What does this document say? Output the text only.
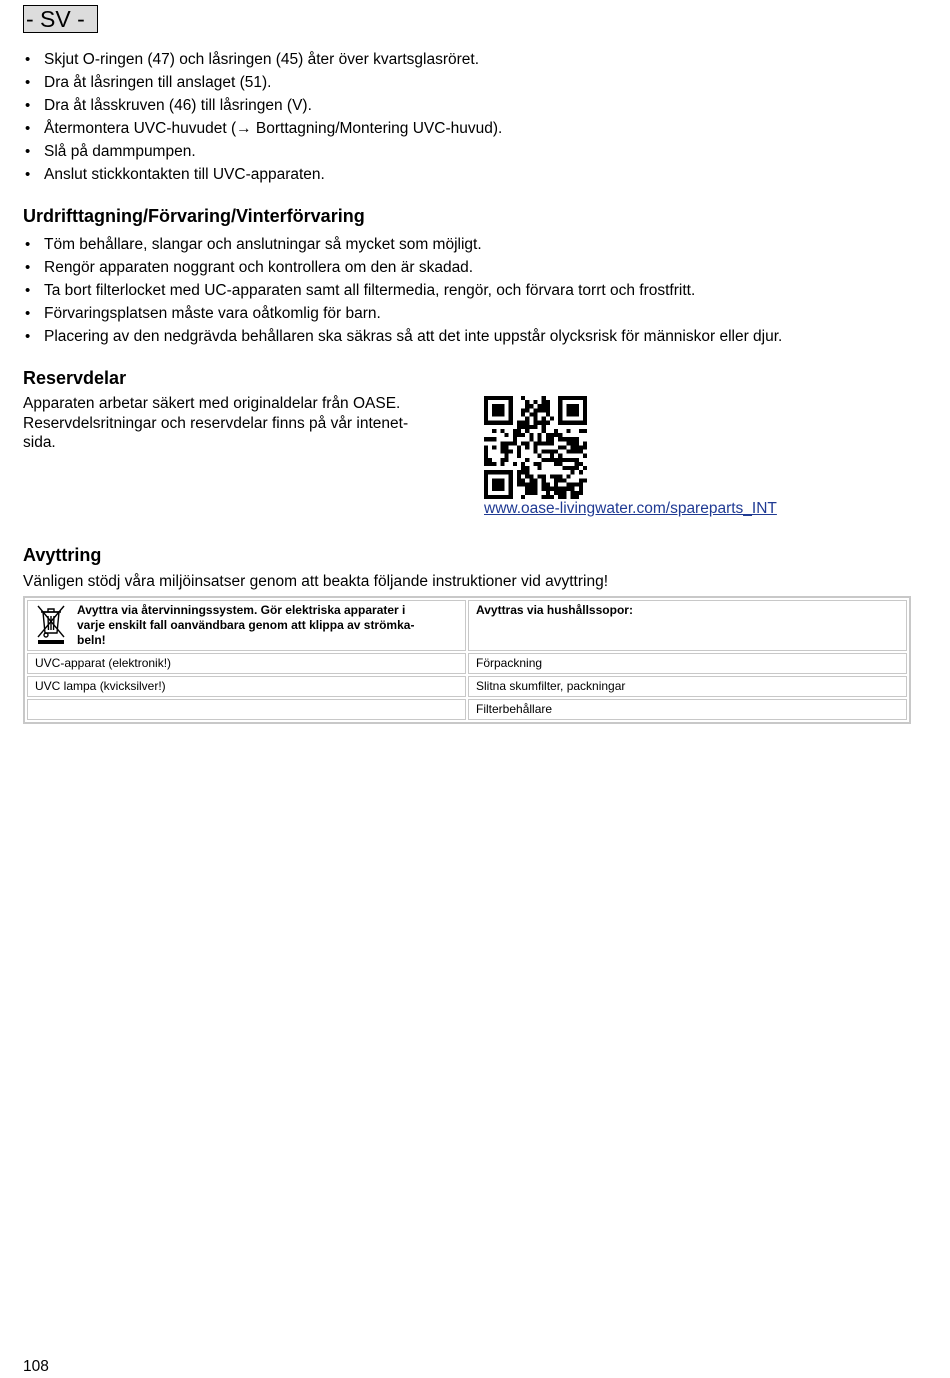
- SV -
• Skjut O-ringen (47) och låsringen (45) åter över kvartsglasröret.
• Dra åt låsringen till anslaget (51).
• Dra åt låsskruven (46) till låsringen (V).
• Återmontera UVC-huvudet (→ Borttagning/Montering UVC-huvud).
• Slå på dammpumpen.
• Anslut stickkontakten till UVC-apparaten.
Urdrifttagning/Förvaring/Vinterförvaring
• Töm behållare, slangar och anslutningar så mycket som möjligt.
• Rengör apparaten noggrant och kontrollera om den är skadad.
• Ta bort filterlocket med UC-apparaten samt all filtermedia, rengör, och förvara torrt och frostfritt.
• Förvaringsplatsen måste vara oåtkomlig för barn.
• Placering av den nedgrävda behållaren ska säkras så att det inte uppstår olycksrisk för människor eller djur.
Reservdelar
Apparaten arbetar säkert med originaldelar från OASE.
Reservdelsritningar och reservdelar finns på vår intenet-
sida.
www.oase-livingwater.com/spareparts_INT
Avyttring
Vänligen stödj våra miljöinsatser genom att beakta följande instruktioner vid avyttring!
Avyttra via återvinningssystem. Gör elektriska apparater i
varje enskilt fall oanvändbara genom att klippa av strömka-
beln!	Avyttras via hushållssopor:
UVC-apparat (elektronik!)	Förpackning
UVC lampa (kvicksilver!)	Slitna skumfilter, packningar
	Filterbehållare
108
